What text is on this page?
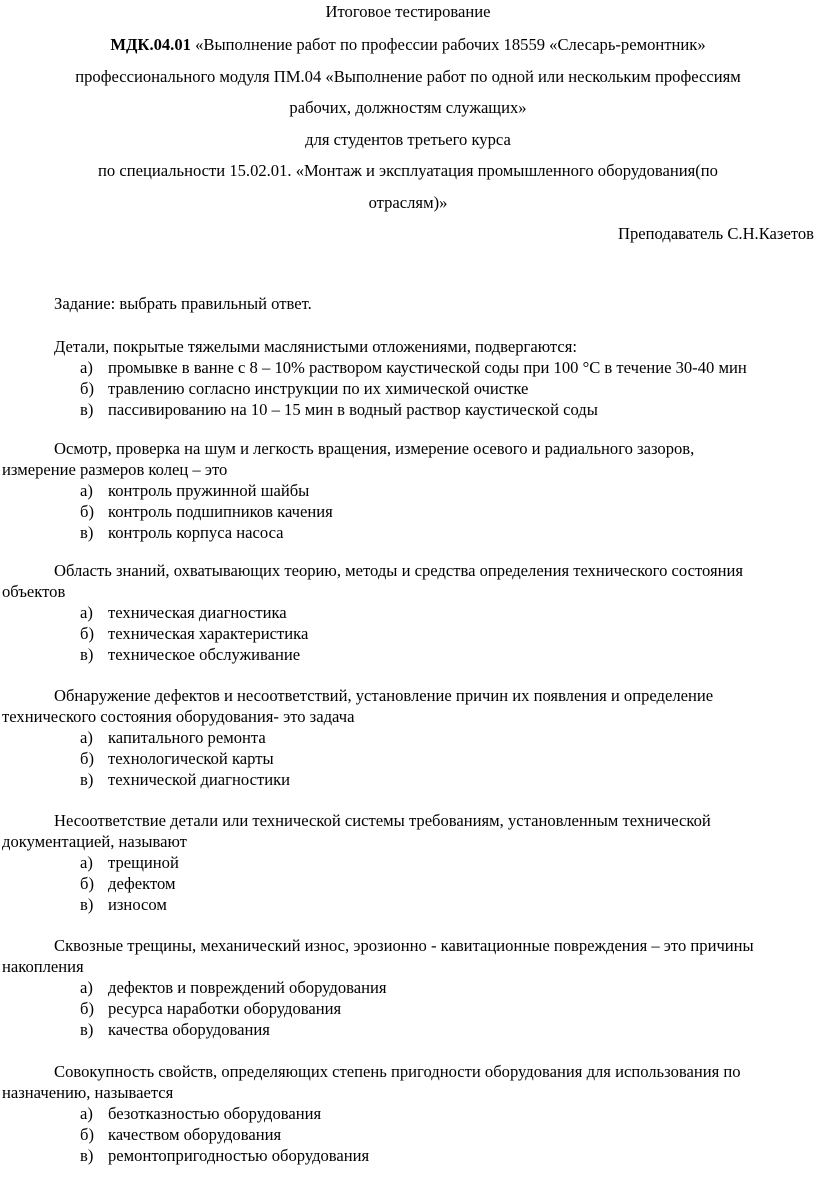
Итоговое тестирование
МДК.04.01 «Выполнение работ по профессии рабочих 18559 «Слесарь-ремонтник»
профессионального модуля ПМ.04 «Выполнение работ по одной или нескольким профессиям
рабочих, должностям служащих»
для студентов третьего курса
по специальности 15.02.01. «Монтаж и эксплуатация промышленного оборудования(по
отраслям)»
Преподаватель С.Н.Казетов
Задание: выбрать правильный ответ.
Детали, покрытые тяжелыми маслянистыми отложениями, подвергаются:
а) промывке в ванне с 8 – 10% раствором каустической соды при 100 °С в течение 30-40 мин
б) травлению согласно инструкции по их химической очистке
в) пассивированию на 10 – 15 мин в водный раствор каустической соды
Осмотр, проверка на шум и легкость вращения, измерение осевого и радиального зазоров,
измерение размеров колец – это
а) контроль пружинной шайбы
б) контроль подшипников качения
в) контроль корпуса насоса
Область знаний, охватывающих теорию, методы и средства определения технического состояния
объектов
а) техническая диагностика
б) техническая характеристика
в) техническое обслуживание
Обнаружение дефектов и несоответствий, установление причин их появления и определение
технического состояния оборудования- это задача
а) капитального ремонта
б) технологической карты
в) технической диагностики
Несоответствие детали или технической системы требованиям, установленным технической
документацией, называют
а) трещиной
б) дефектом
в) износом
Сквозные трещины, механический износ, эрозионно - кавитационные повреждения – это причины
накопления
а) дефектов и повреждений оборудования
б) ресурса наработки оборудования
в) качества оборудования
Совокупность свойств, определяющих степень пригодности оборудования для использования по
назначению, называется
а) безотказностью оборудования
б) качеством оборудования
в) ремонтопригодностью оборудования
